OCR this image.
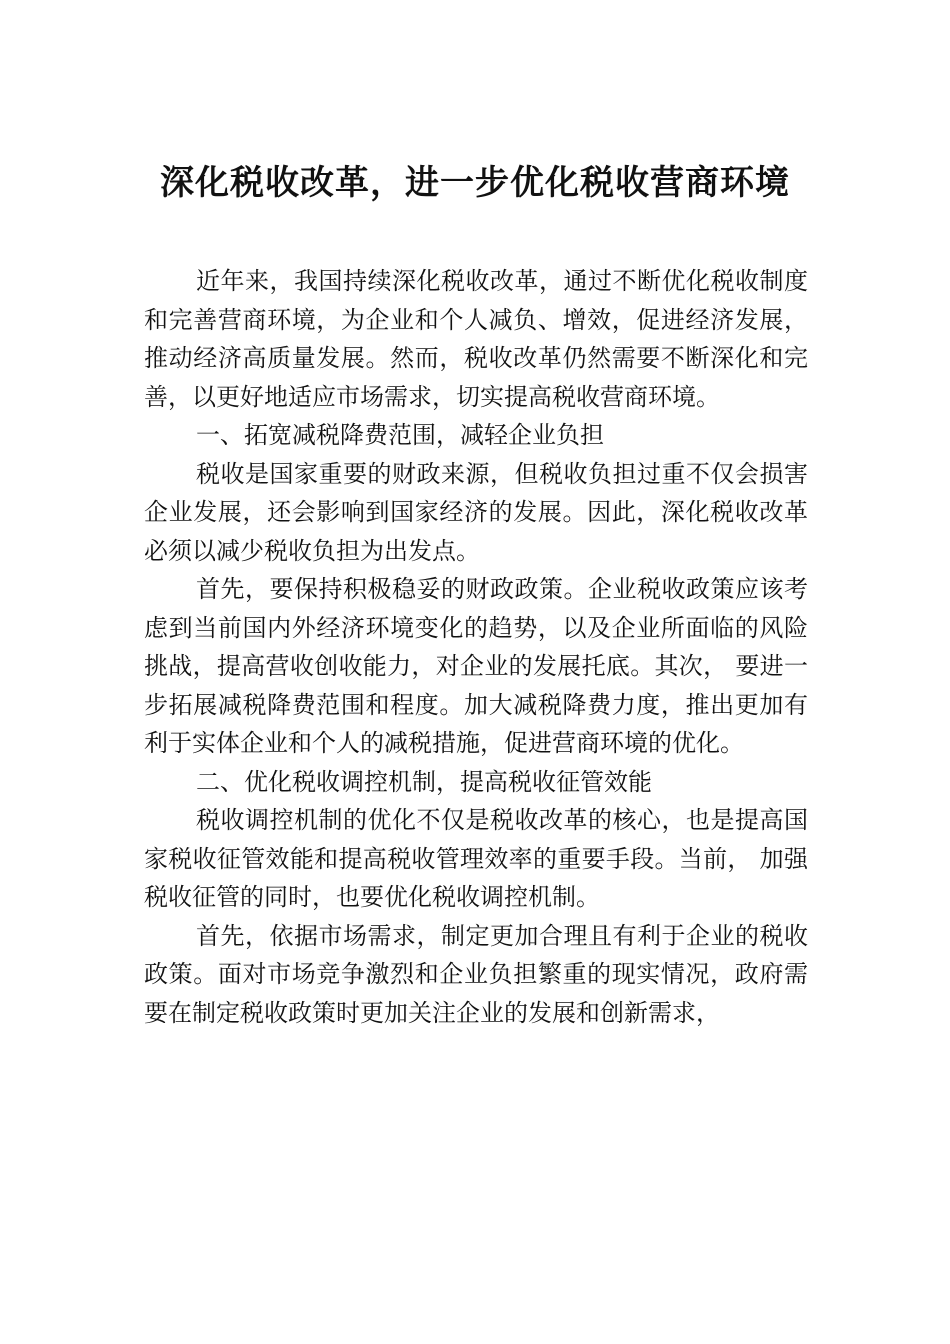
深化税收改革，进一步优化税收营商环境

近年来，我国持续深化税收改革，通过不断优化税收制度和完善营商环境，为企业和个人减负、增效，促进经济发展，推动经济高质量发展。然而，税收改革仍然需要不断深化和完善，以更好地适应市场需求，切实提高税收营商环境。

一、拓宽减税降费范围，减轻企业负担

税收是国家重要的财政来源，但税收负担过重不仅会损害企业发展，还会影响到国家经济的发展。因此，深化税收改革必须以减少税收负担为出发点。

首先，要保持积极稳妥的财政政策。企业税收政策应该考虑到当前国内外经济环境变化的趋势，以及企业所面临的风险挑战，提高营收创收能力，对企业的发展托底。其次， 要进一步拓展减税降费范围和程度。加大减税降费力度，推出更加有利于实体企业和个人的减税措施，促进营商环境的优化。

二、优化税收调控机制，提高税收征管效能

税收调控机制的优化不仅是税收改革的核心，也是提高国家税收征管效能和提高税收管理效率的重要手段。当前， 加强税收征管的同时，也要优化税收调控机制。

首先，依据市场需求，制定更加合理且有利于企业的税收政策。面对市场竞争激烈和企业负担繁重的现实情况，政府需要在制定税收政策时更加关注企业的发展和创新需求，
